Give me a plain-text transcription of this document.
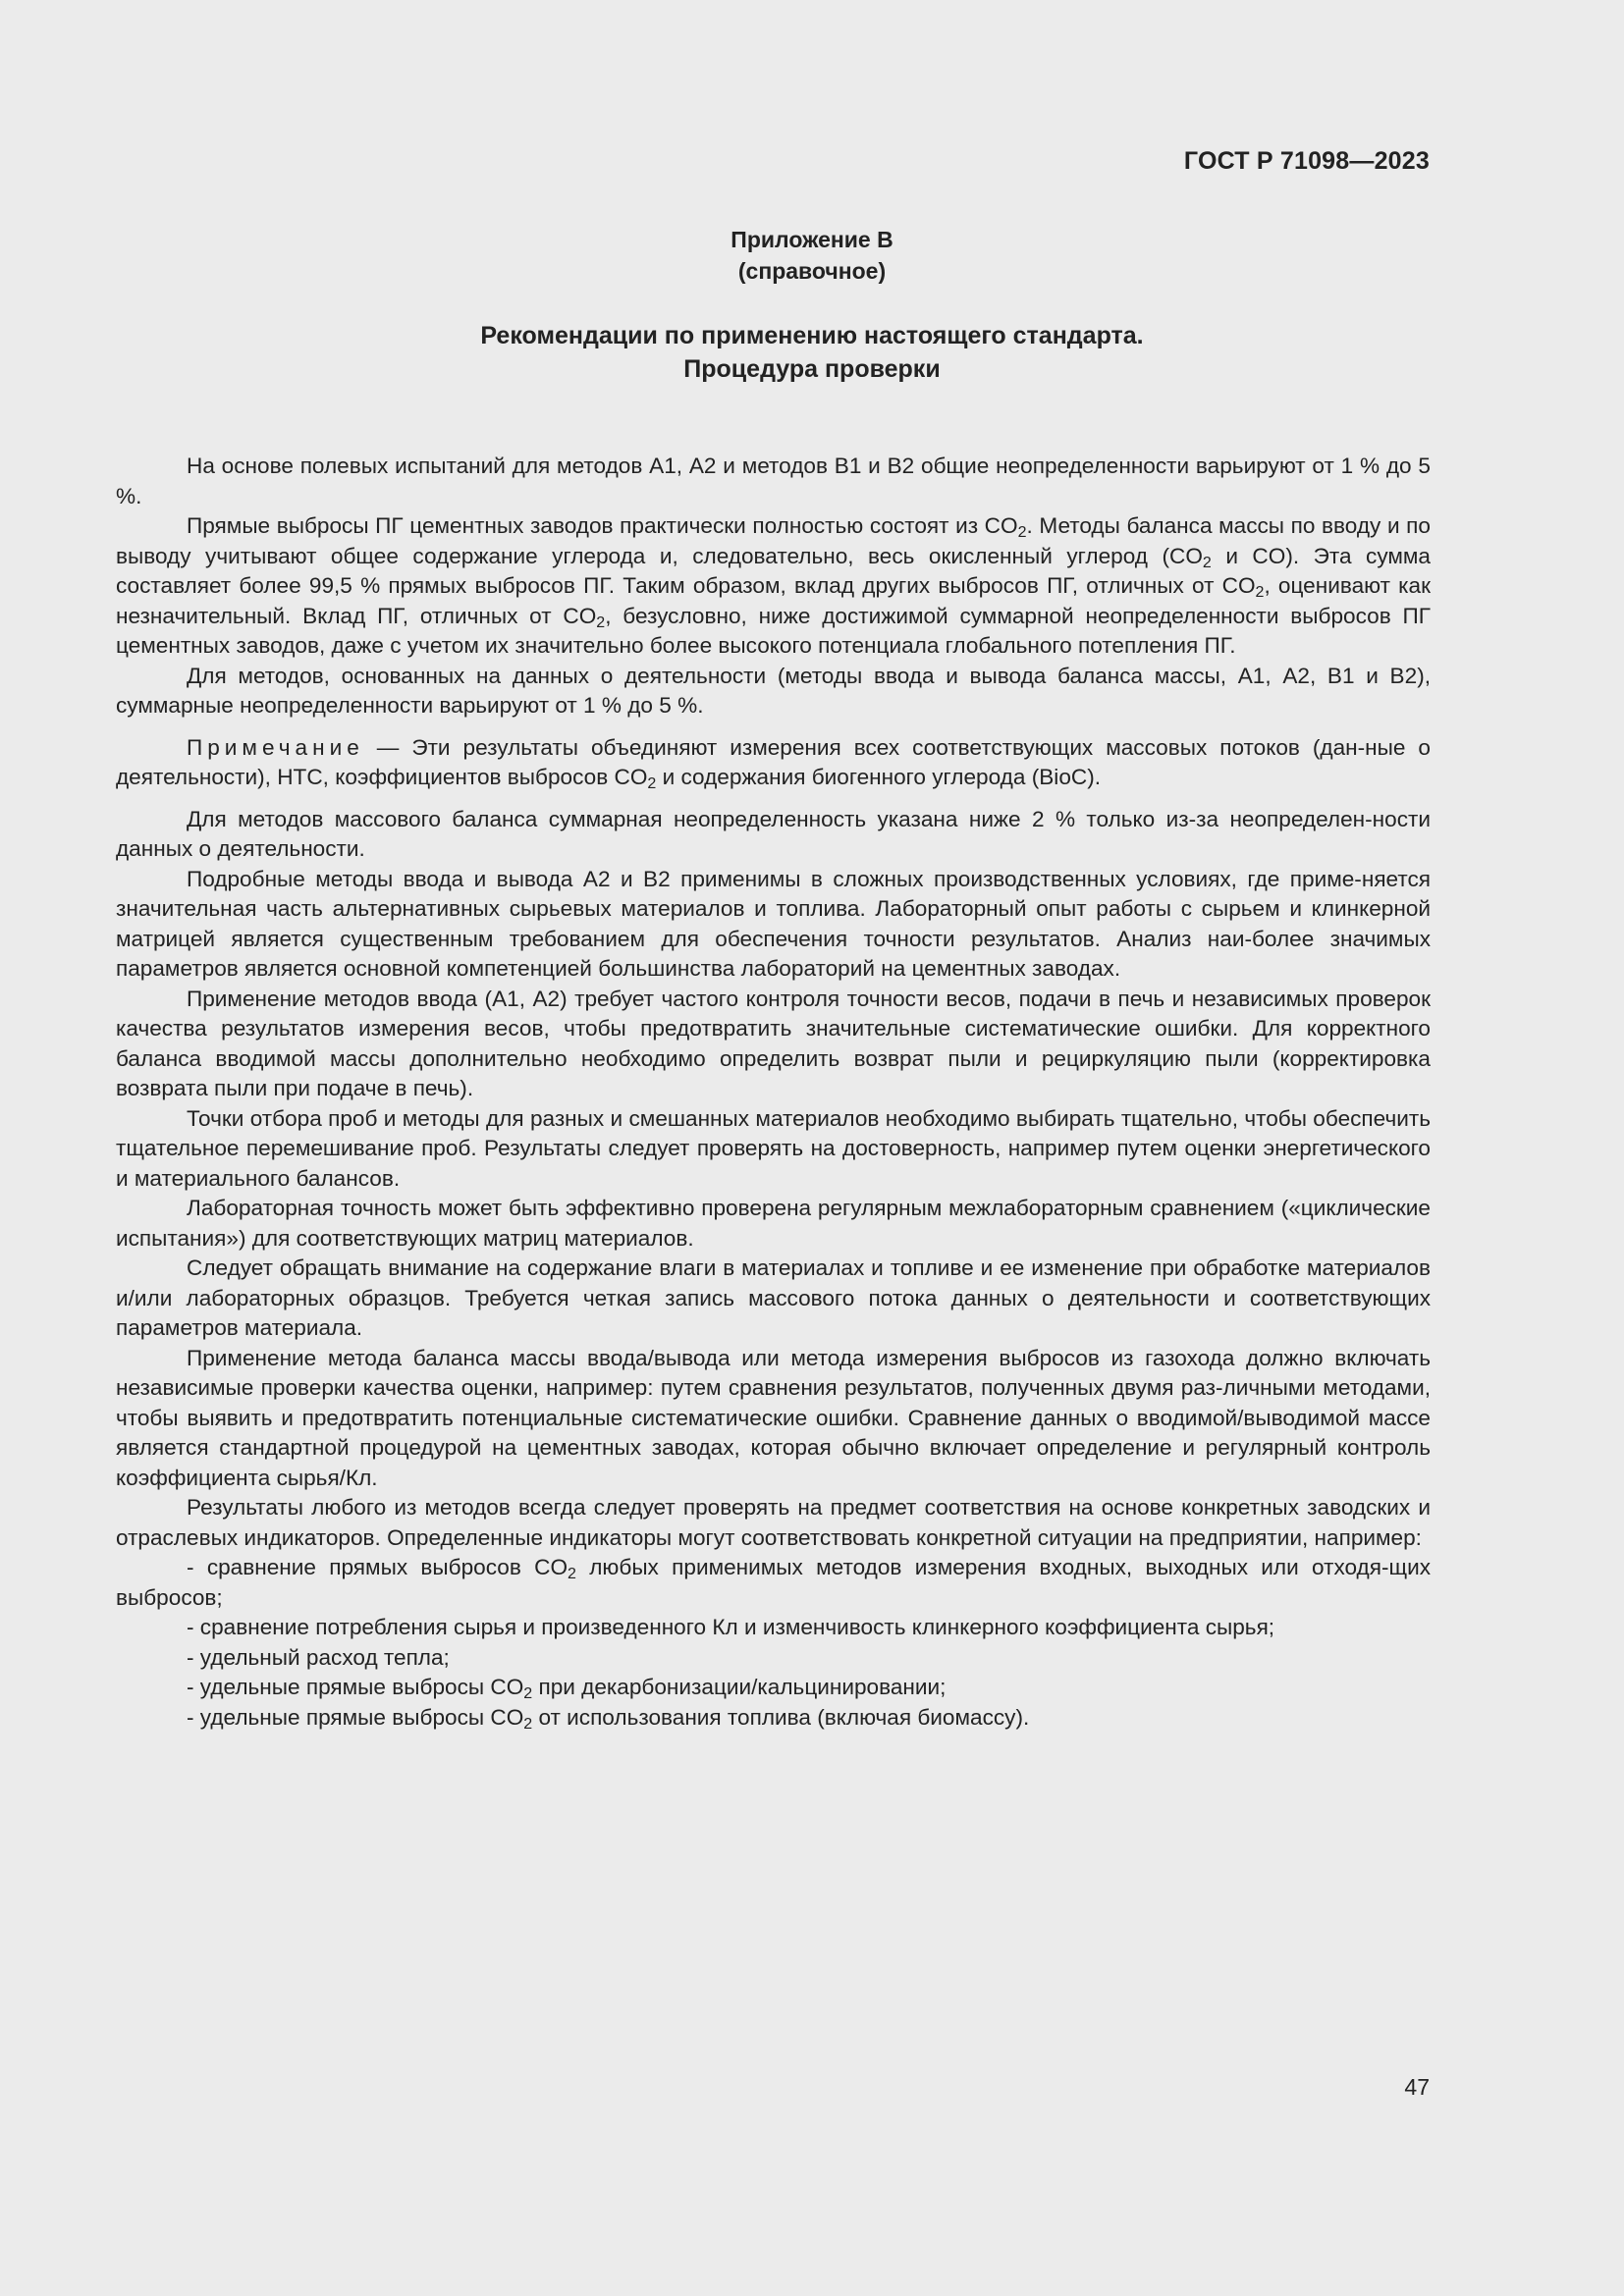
ГОСТ Р 71098—2023
Приложение В
(справочное)
Рекомендации по применению настоящего стандарта.
Процедура проверки

На основе полевых испытаний для методов А1, А2 и методов В1 и В2 общие неопределенности варьируют от 1 % до 5 %.

Прямые выбросы ПГ цементных заводов практически полностью состоят из $CO_2$. Методы баланса массы по вводу и по выводу учитывают общее содержание углерода и, следовательно, весь окисленный углерод ($CO_2$ и CO). Эта сумма составляет более 99,5 % прямых выбросов ПГ. Таким образом, вклад других выбросов ПГ, отличных от $CO_2$, оценивают как незначительный. Вклад ПГ, отличных от $CO_2$, безусловно, ниже достижимой суммарной неопределенности выбросов ПГ цементных заводов, даже с учетом их значительно более высокого потенциала глобального потепления ПГ.

Для методов, основанных на данных о деятельности (методы ввода и вывода баланса массы, А1, А2, В1 и В2), суммарные неопределенности варьируют от 1 % до 5 %.

Примечание — Эти результаты объединяют измерения всех соответствующих массовых потоков (дан-ные о деятельности), НТС, коэффициентов выбросов $CO_2$ и содержания биогенного углерода (BioC).

Для методов массового баланса суммарная неопределенность указана ниже 2 % только из-за неопределен-ности данных о деятельности.

Подробные методы ввода и вывода А2 и В2 применимы в сложных производственных условиях, где приме-няется значительная часть альтернативных сырьевых материалов и топлива. Лабораторный опыт работы с сырьем и клинкерной матрицей является существенным требованием для обеспечения точности результатов. Анализ наи-более значимых параметров является основной компетенцией большинства лабораторий на цементных заводах.

Применение методов ввода (А1, А2) требует частого контроля точности весов, подачи в печь и независимых проверок качества результатов измерения весов, чтобы предотвратить значительные систематические ошибки. Для корректного баланса вводимой массы дополнительно необходимо определить возврат пыли и рециркуляцию пыли (корректировка возврата пыли при подаче в печь).

Точки отбора проб и методы для разных и смешанных материалов необходимо выбирать тщательно, чтобы обеспечить тщательное перемешивание проб. Результаты следует проверять на достоверность, например путем оценки энергетического и материального балансов.

Лабораторная точность может быть эффективно проверена регулярным межлабораторным сравнением («циклические испытания») для соответствующих матриц материалов.

Следует обращать внимание на содержание влаги в материалах и топливе и ее изменение при обработке материалов и/или лабораторных образцов. Требуется четкая запись массового потока данных о деятельности и соответствующих параметров материала.

Применение метода баланса массы ввода/вывода или метода измерения выбросов из газохода должно включать независимые проверки качества оценки, например: путем сравнения результатов, полученных двумя раз-личными методами, чтобы выявить и предотвратить потенциальные систематические ошибки. Сравнение данных о вводимой/выводимой массе является стандартной процедурой на цементных заводах, которая обычно включает определение и регулярный контроль коэффициента сырья/Кл.

Результаты любого из методов всегда следует проверять на предмет соответствия на основе конкретных заводских и отраслевых индикаторов. Определенные индикаторы могут соответствовать конкретной ситуации на предприятии, например:

- сравнение прямых выбросов $CO_2$ любых применимых методов измерения входных, выходных или отходя-щих выбросов;

- сравнение потребления сырья и произведенного Кл и изменчивость клинкерного коэффициента сырья;

- удельный расход тепла;

- удельные прямые выбросы $CO_2$ при декарбонизации/кальцинировании;

- удельные прямые выбросы $CO_2$ от использования топлива (включая биомассу).

47
